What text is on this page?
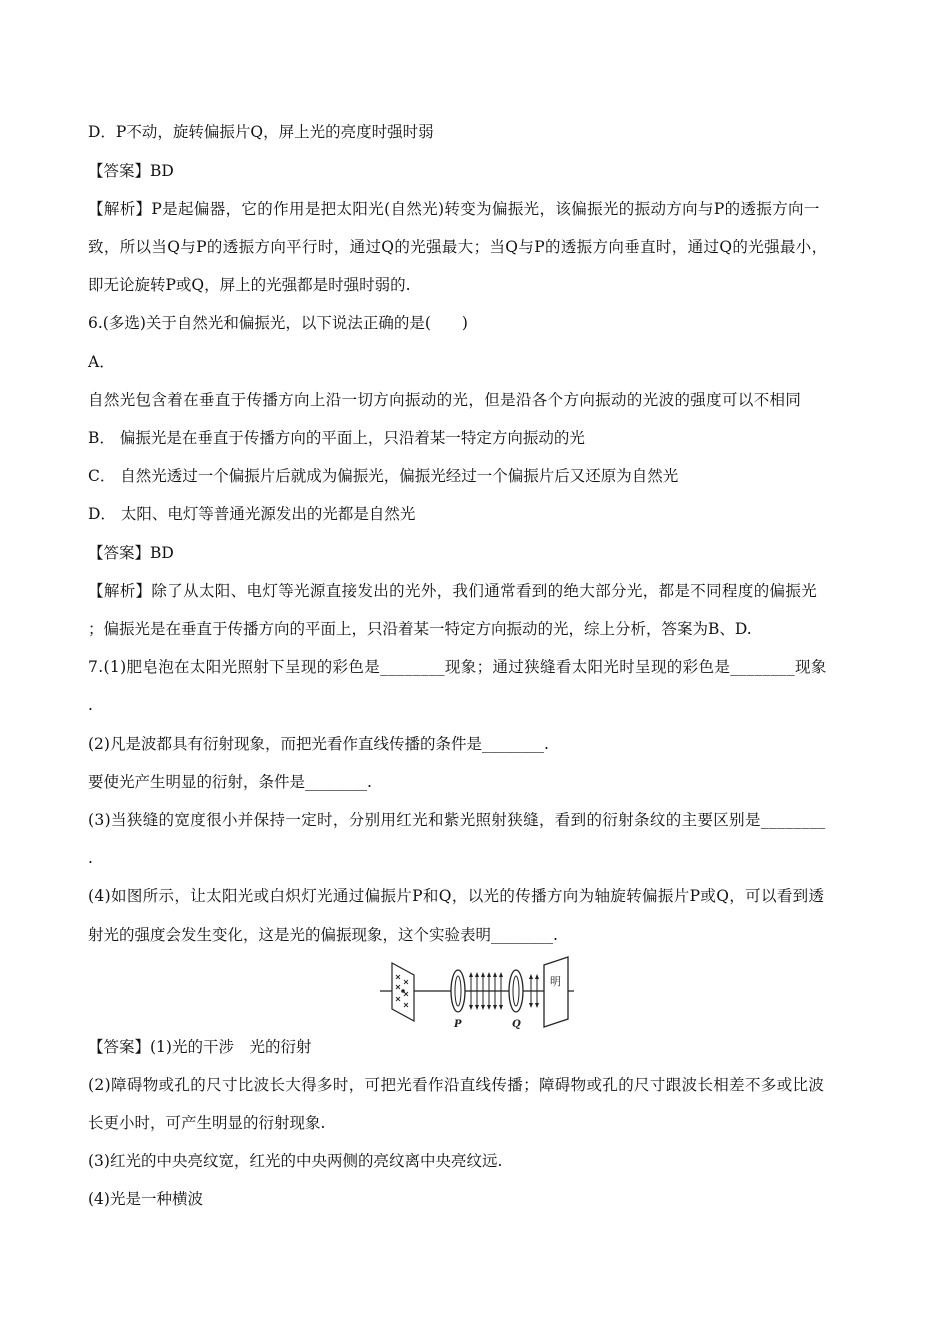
D．P不动，旋转偏振片Q，屏上光的亮度时强时弱
【答案】BD
【解析】P是起偏器，它的作用是把太阳光(自然光)转变为偏振光，该偏振光的振动方向与P的透振方向一
致，所以当Q与P的透振方向平行时，通过Q的光强最大；当Q与P的透振方向垂直时，通过Q的光强最小，
即无论旋转P或Q，屏上的光强都是时强时弱的.
6.(多选)关于自然光和偏振光，以下说法正确的是(　　)
A．
自然光包含着在垂直于传播方向上沿一切方向振动的光，但是沿各个方向振动的光波的强度可以不相同
B． 偏振光是在垂直于传播方向的平面上，只沿着某一特定方向振动的光
C． 自然光透过一个偏振片后就成为偏振光，偏振光经过一个偏振片后又还原为自然光
D． 太阳、电灯等普通光源发出的光都是自然光
【答案】BD
【解析】除了从太阳、电灯等光源直接发出的光外，我们通常看到的绝大部分光，都是不同程度的偏振光
；偏振光是在垂直于传播方向的平面上，只沿着某一特定方向振动的光，综上分析，答案为B、D.
7.(1)肥皂泡在太阳光照射下呈现的彩色是________现象；通过狭缝看太阳光时呈现的彩色是________现象
.
(2)凡是波都具有衍射现象，而把光看作直线传播的条件是________.
要使光产生明显的衍射，条件是________.
(3)当狭缝的宽度很小并保持一定时，分别用红光和紫光照射狭缝，看到的衍射条纹的主要区别是________
.
(4)如图所示，让太阳光或白炽灯光通过偏振片P和Q，以光的传播方向为轴旋转偏振片P或Q，可以看到透
射光的强度会发生变化，这是光的偏振现象，这个实验表明________.
明
P	Q
【答案】(1)光的干涉　光的衍射
(2)障碍物或孔的尺寸比波长大得多时，可把光看作沿直线传播；障碍物或孔的尺寸跟波长相差不多或比波
长更小时，可产生明显的衍射现象.
(3)红光的中央亮纹宽，红光的中央两侧的亮纹离中央亮纹远.
(4)光是一种横波
